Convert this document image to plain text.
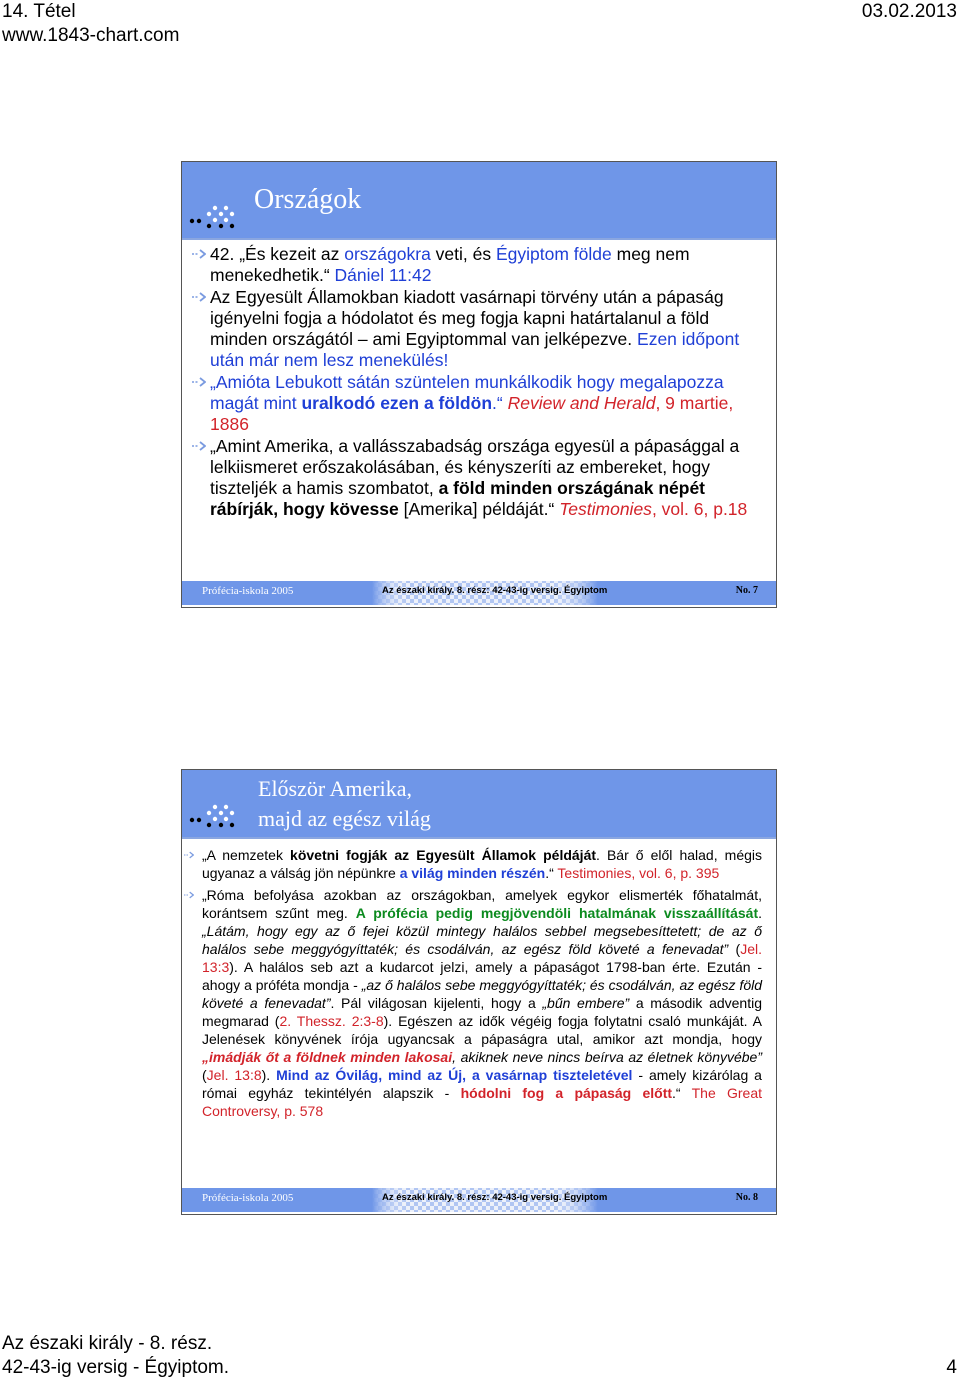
14. Tétel
www.1843-chart.com
03.02.2013
Országok
42. „És kezeit az országokra veti, és Égyiptom földe meg nem menekedhetik.“ Dániel 11:42
Az Egyesült Államokban kiadott vasárnapi törvény után a pápaság igényelni fogja a hódolatot és meg fogja kapni határtalanul a föld minden országától – ami Egyiptommal van jelképezve. Ezen időpont után már nem lesz menekülés!
„Amióta Lebukott sátán szüntelen munkálkodik hogy megalapozza magát mint uralkodó ezen a földön.“ Review and Herald, 9 martie, 1886
„Amint Amerika, a vallásszabadság országa egyesül a pápasággal a lelkiismeret erőszakolásában, és kényszeríti az embereket, hogy tiszteljék a hamis szombatot, a föld minden országának népét rábírják, hogy kövesse [Amerika] példáját.“ Testimonies, vol. 6, p.18
Prófécia-iskola 2005	Az északi király. 8. rész: 42-43-ig versig. Égyiptom	No. 7
Először Amerika,
majd az egész világ
„A nemzetek követni fogják az Egyesült Államok példáját. Bár ő elől halad, mégis ugyanaz a válság jön népünkre a világ minden részén.“ Testimonies, vol. 6, p. 395
„Róma befolyása azokban az országokban, amelyek egykor elismerték főhatalmát, korántsem szűnt meg. A prófécia pedig megjövendöli hatalmának visszaállítását. „Látám, hogy egy az ő fejei közül mintegy halálos sebbel megsebesíttetett; de az ő halálos sebe meggyógyíttaték; és csodálván, az egész föld követé a fenevadat” (Jel. 13:3). A halálos seb azt a kudarcot jelzi, amely a pápaságot 1798-ban érte. Ezután - ahogy a próféta mondja - „az ő halálos sebe meggyógyíttaték; és csodálván, az egész föld követé a fenevadat”. Pál világosan kijelenti, hogy a „bűn embere” a második adventig megmarad (2. Thessz. 2:3-8). Egészen az idők végéig fogja folytatni csaló munkáját. A Jelenések könyvének írója ugyancsak a pápaságra utal, amikor azt mondja, hogy „imádják őt a földnek minden lakosai, akiknek neve nincs beírva az életnek könyvébe” (Jel. 13:8). Mind az Óvilág, mind az Új, a vasárnap tiszteletével - amely kizárólag a római egyház tekintélyén alapszik - hódolni fog a pápaság előtt.“ The Great Controversy, p. 578
Prófécia-iskola 2005	Az északi király. 8. rész: 42-43-ig versig. Égyiptom	No. 8
Az északi király - 8. rész.
42-43-ig versig - Égyiptom.	4
